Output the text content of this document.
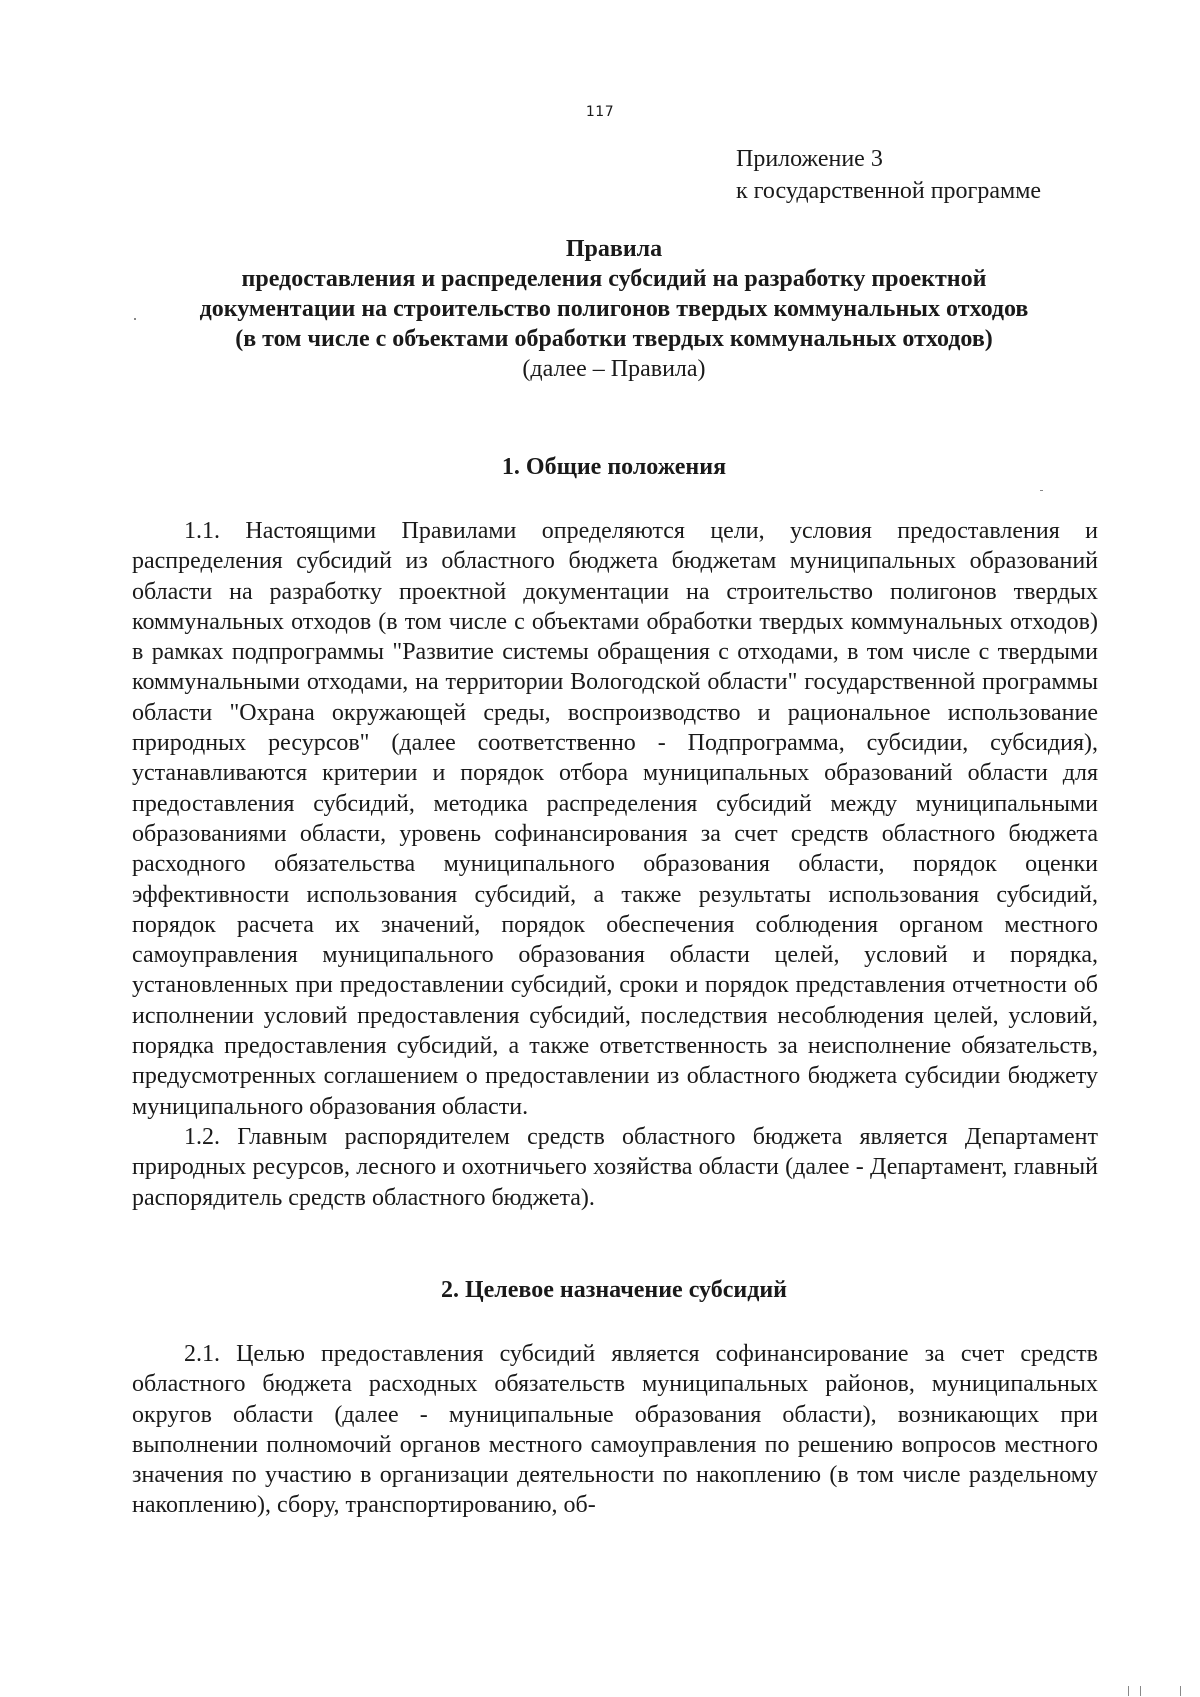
117
Приложение 3
к государственной программе
Правила
предоставления и распределения субсидий на разработку проектной
документации на строительство полигонов твердых коммунальных отходов
(в том числе с объектами обработки твердых коммунальных отходов)
(далее – Правила)
1. Общие положения

1.1. Настоящими Правилами определяются цели, условия предоставления и распределения субсидий из областного бюджета бюджетам муниципальных образований области на разработку проектной документации на строительство полигонов твердых коммунальных отходов (в том числе с объектами обработки твердых коммунальных отходов) в рамках подпрограммы "Развитие системы обращения с отходами, в том числе с твердыми коммунальными отходами, на территории Вологодской области" государственной программы области "Охрана окружающей среды, воспроизводство и рациональное использование природных ресурсов" (далее соответственно - Подпрограмма, субсидии, субсидия), устанавливаются критерии и порядок отбора муниципальных образований области для предоставления субсидий, методика распределения субсидий между муниципальными образованиями области, уровень софинансирования за счет средств областного бюджета расходного обязательства муниципального образования области, порядок оценки эффективности использования субсидий, а также результаты использования субсидий, порядок расчета их значений, порядок обеспечения соблюдения органом местного самоуправления муниципального образования области целей, условий и порядка, установленных при предоставлении субсидий, сроки и порядок представления отчетности об исполнении условий предоставления субсидий, последствия несоблюдения целей, условий, порядка предоставления субсидий, а также ответственность за неисполнение обязательств, предусмотренных соглашением о предоставлении из областного бюджета субсидии бюджету муниципального образования области.

1.2. Главным распорядителем средств областного бюджета является Департамент природных ресурсов, лесного и охотничьего хозяйства области (далее - Департамент, главный распорядитель средств областного бюджета).

2. Целевое назначение субсидий

2.1. Целью предоставления субсидий является софинансирование за счет средств областного бюджета расходных обязательств муниципальных районов, муниципальных округов области (далее - муниципальные образования области), возникающих при выполнении полномочий органов местного самоуправления по решению вопросов местного значения по участию в организации деятельности по накоплению (в том числе раздельному накоплению), сбору, транспортированию, об-
